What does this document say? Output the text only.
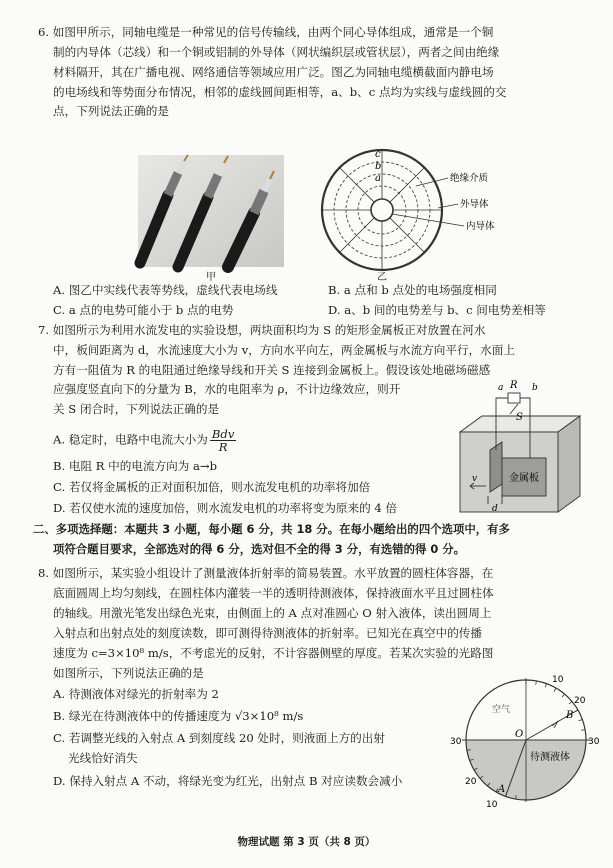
6. 如图甲所示，同轴电缆是一种常见的信号传输线，由两个同心导体组成，通常是一个铜
制的内导体（芯线）和一个铜或铝制的外导体（网状编织层或管状层），两者之间由绝缘
材料隔开，其在广播电视、网络通信等领域应用广泛。图乙为同轴电缆横截面内静电场
的电场线和等势面分布情况，相邻的虚线圆间距相等，a、b、c 点均为实线与虚线圆的交
点，下列说法正确的是
甲
a
b
c
绝缘介质
外导体
内导体
乙
A. 图乙中实线代表等势线，虚线代表电场线	B. a 点和 b 点处的电场强度相同
C. a 点的电势可能小于 b 点的电势	D. a、b 间的电势差与 b、c 间电势差相等
7. 如图所示为利用水流发电的实验设想，两块面积均为 S 的矩形金属板正对放置在河水
中，板间距离为 d，水流速度大小为 v，方向水平向左，两金属板与水流方向平行，水面上
方有一阻值为 R 的电阻通过绝缘导线和开关 S 连接到金属板上。假设该处地磁场磁感
应强度竖直向下的分量为 B，水的电阻率为 ρ，不计边缘效应，则开
关 S 闭合时，下列说法正确的是
A. 稳定时，电路中电流大小为 $\frac{\text{Bdv}}{R}$
B. 电阻 R 中的电流方向为 a→b
C. 若仅将金属板的正对面积加倍，则水流发电机的功率将加倍
D. 若仅使水流的速度加倍，则水流发电机的功率将变为原来的 4 倍
金属板
R
a	b
S
v
d
二、多项选择题：本题共 3 小题，每小题 6 分，共 18 分。在每小题给出的四个选项中，有多
项符合题目要求，全部选对的得 6 分，选对但不全的得 3 分，有选错的得 0 分。
8. 如图所示，某实验小组设计了测量液体折射率的简易装置。水平放置的圆柱体容器，在
底面圆周上均匀刻线，在圆柱体内灌装一半的透明待测液体，保持液面水平且过圆柱体
的轴线。用激光笔发出绿色光束，由侧面上的 A 点对准圆心 O 射入液体，读出圆周上
入射点和出射点处的刻度读数，即可测得待测液体的折射率。已知光在真空中的传播
速度为 c=3×10⁸ m/s，不考虑光的反射，不计容器侧壁的厚度。若某次实验的光路图
如图所示，下列说法正确的是
A. 待测液体对绿光的折射率为 2
B. 绿光在待测液体中的传播速度为 √3×10⁸ m/s
C. 若调整光线的入射点 A 到刻度线 20 处时，则液面上方的出射
光线恰好消失
D. 保持入射点 A 不动，将绿光变为红光，出射点 B 对应读数会减小
空气
待测液体
O
A
B
30	30
20
10
20
10
物理试题 第 3 页（共 8 页）
